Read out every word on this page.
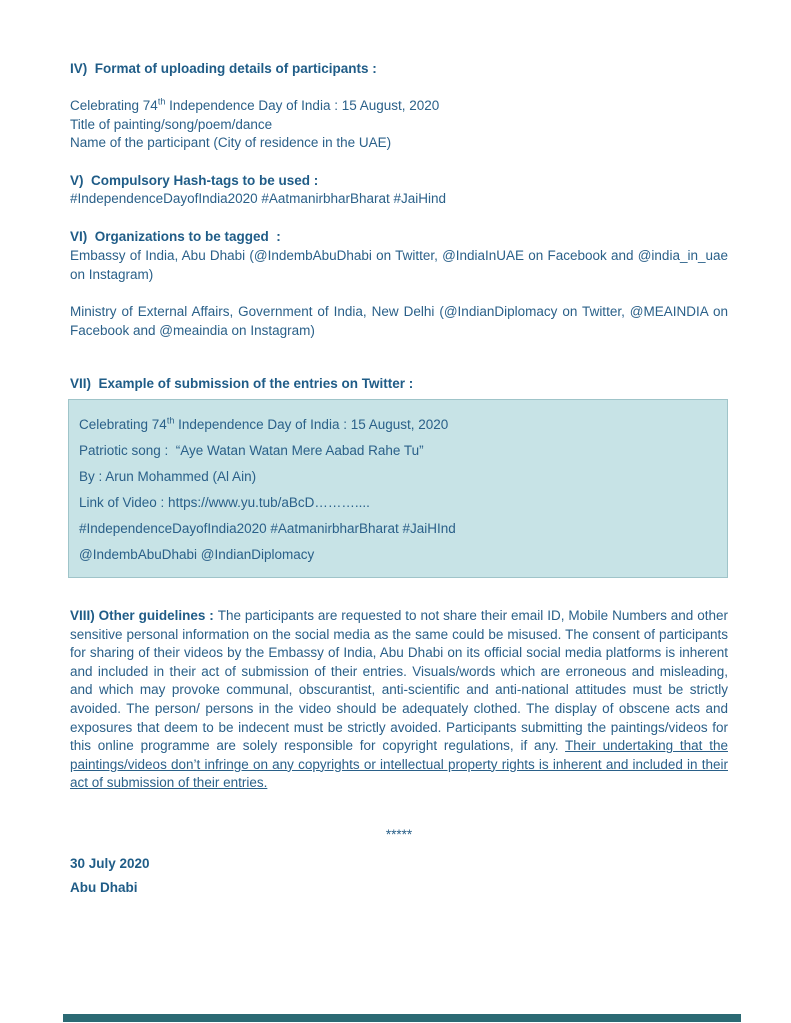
IV)  Format of uploading details of participants :
Celebrating 74th Independence Day of India : 15 August, 2020
Title of painting/song/poem/dance
Name of the participant (City of residence in the UAE)
V)  Compulsory Hash-tags to be used :
#IndependenceDayofIndia2020 #AatmanirbharBharat #JaiHind
VI)  Organizations to be tagged  :

Embassy of India, Abu Dhabi (@IndembAbuDhabi on Twitter, @IndiaInUAE on Facebook and @india_in_uae on Instagram)

Ministry of External Affairs, Government of India, New Delhi (@IndianDiplomacy on Twitter, @MEAINDIA on Facebook and @meaindia on Instagram)

VII)  Example of submission of the entries on Twitter :

Celebrating 74th Independence Day of India : 15 August, 2020

Patriotic song :  “Aye Watan Watan Mere Aabad Rahe Tu”

By : Arun Mohammed (Al Ain)

Link of Video : https://www.yu.tub/aBcD………....

#IndependenceDayofIndia2020 #AatmanirbharBharat #JaiHInd

@IndembAbuDhabi @IndianDiplomacy

VIII) Other guidelines : The participants are requested to not share their email ID, Mobile Numbers and other sensitive personal information on the social media as the same could be misused. The consent of participants for sharing of their videos by the Embassy of India, Abu Dhabi on its official social media platforms is inherent and included in their act of submission of their entries. Visuals/words which are erroneous and misleading, and which may provoke communal, obscurantist, anti-scientific and anti-national attitudes must be strictly avoided. The person/ persons in the video should be adequately clothed. The display of obscene acts and exposures that deem to be indecent must be strictly avoided. Participants submitting the paintings/videos for this online programme are solely responsible for copyright regulations, if any. Their undertaking that the paintings/videos don’t infringe on any copyrights or intellectual property rights is inherent and included in their act of submission of their entries.

*****
30 July 2020
Abu Dhabi
